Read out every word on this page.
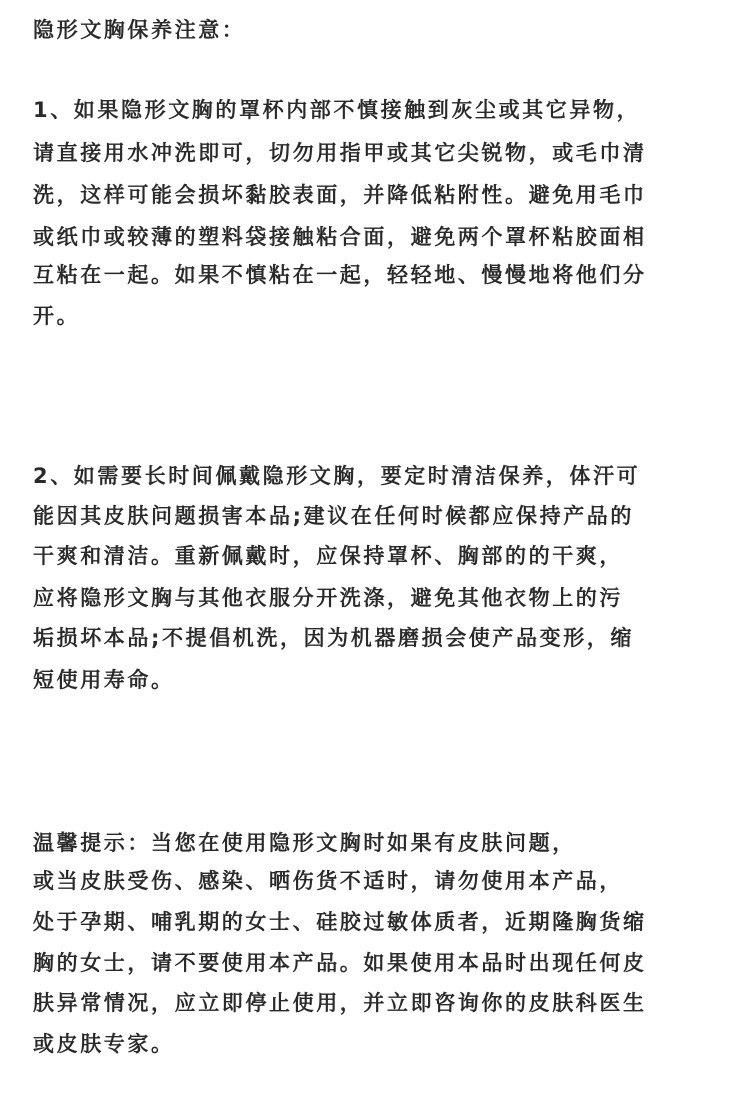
隐形文胸保养注意：

1、如果隐形文胸的罩杯内部不慎接触到灰尘或其它异物，

请直接用水冲洗即可，切勿用指甲或其它尖锐物，或毛巾清

洗，这样可能会损坏黏胶表面，并降低粘附性。避免用毛巾

或纸巾或较薄的塑料袋接触粘合面，避免两个罩杯粘胶面相

互粘在一起。如果不慎粘在一起，轻轻地、慢慢地将他们分

开。

2、如需要长时间佩戴隐形文胸，要定时清洁保养，体汗可

能因其皮肤问题损害本品;建议在任何时候都应保持产品的

干爽和清洁。重新佩戴时，应保持罩杯、胸部的的干爽，

应将隐形文胸与其他衣服分开洗涤，避免其他衣物上的污

垢损坏本品;不提倡机洗，因为机器磨损会使产品变形，缩

短使用寿命。

温馨提示：当您在使用隐形文胸时如果有皮肤问题，

或当皮肤受伤、感染、晒伤货不适时，请勿使用本产品，

处于孕期、哺乳期的女士、硅胶过敏体质者，近期隆胸货缩

胸的女士，请不要使用本产品。如果使用本品时出现任何皮

肤异常情况，应立即停止使用，并立即咨询你的皮肤科医生

或皮肤专家。
